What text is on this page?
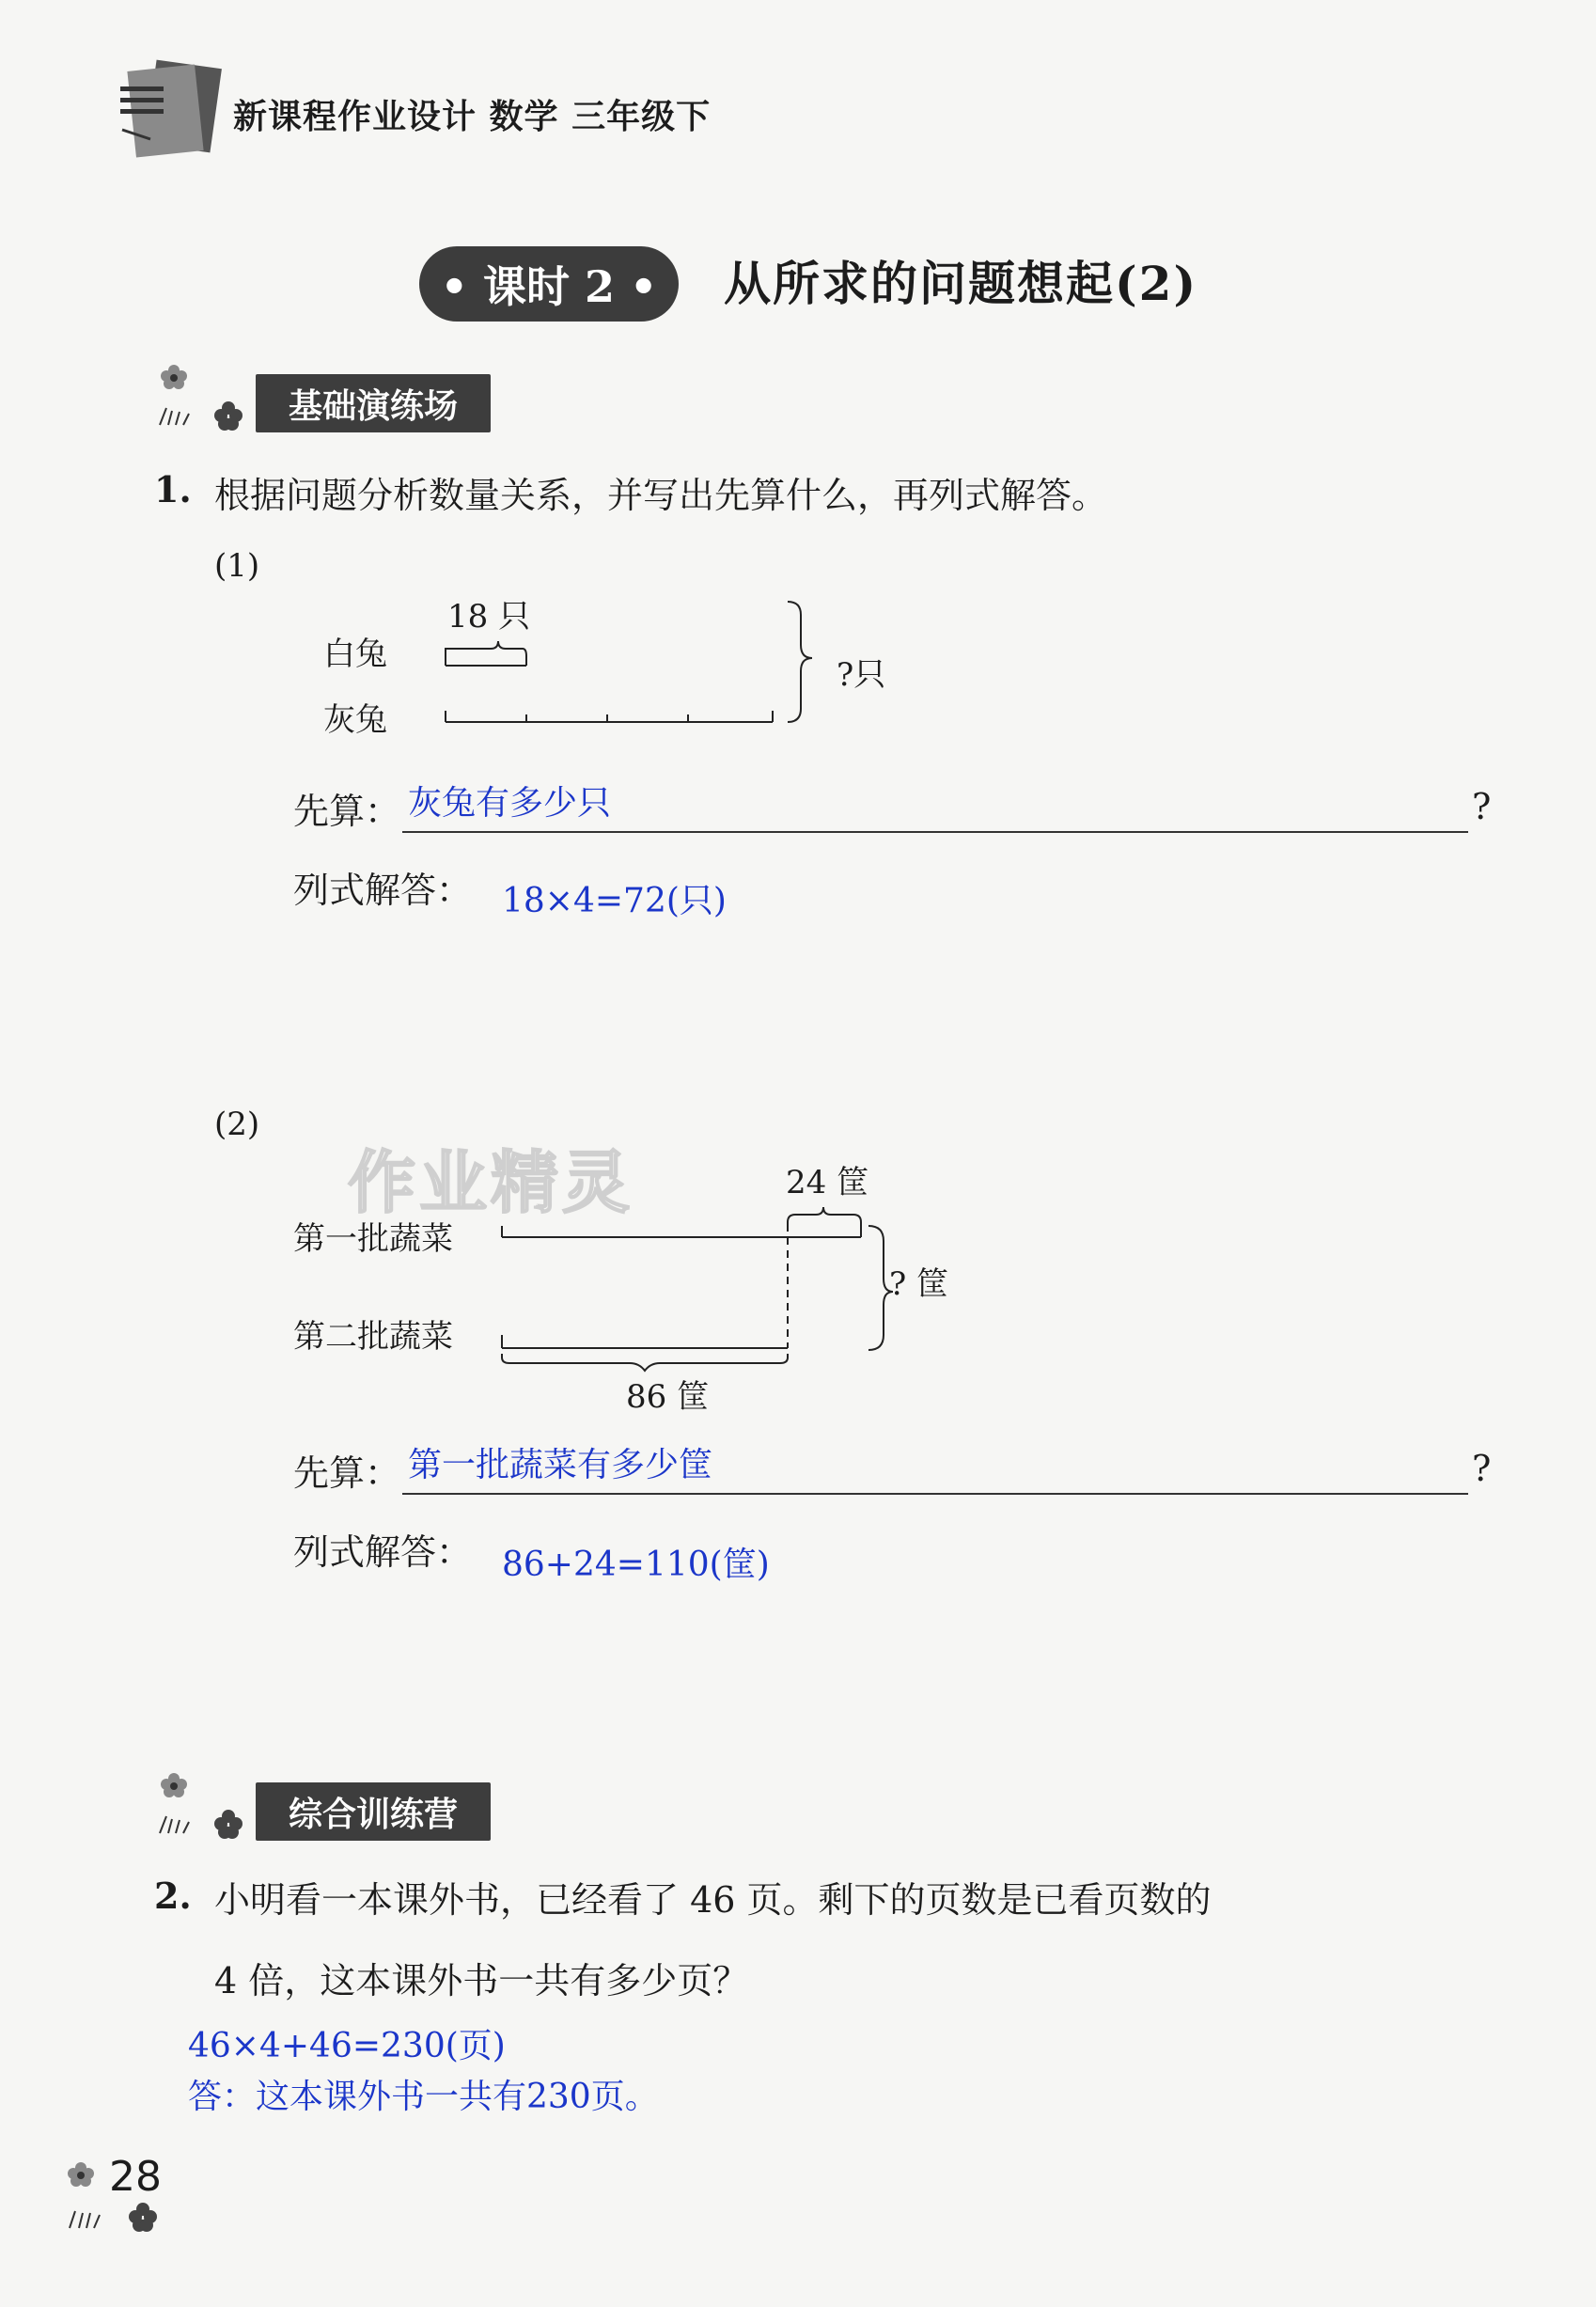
新课程作业设计 数学 三年级下
• 课时 2 •	从所求的问题想起(2)
基础演练场
1. 根据问题分析数量关系，并写出先算什么，再列式解答。
(1)
18 只
白兔
灰兔
?只
先算： 灰兔有多少只	?
列式解答： 18×4=72(只)
(2)
作业精灵	24 筐
第一批蔬菜
第二批蔬菜
? 筐
86 筐
先算： 第一批蔬菜有多少筐	?
列式解答： 86+24=110(筐)
综合训练营
2. 小明看一本课外书，已经看了 46 页。剩下的页数是已看页数的
4 倍，这本课外书一共有多少页？
46×4+46=230(页)
答：这本课外书一共有230页。
28
